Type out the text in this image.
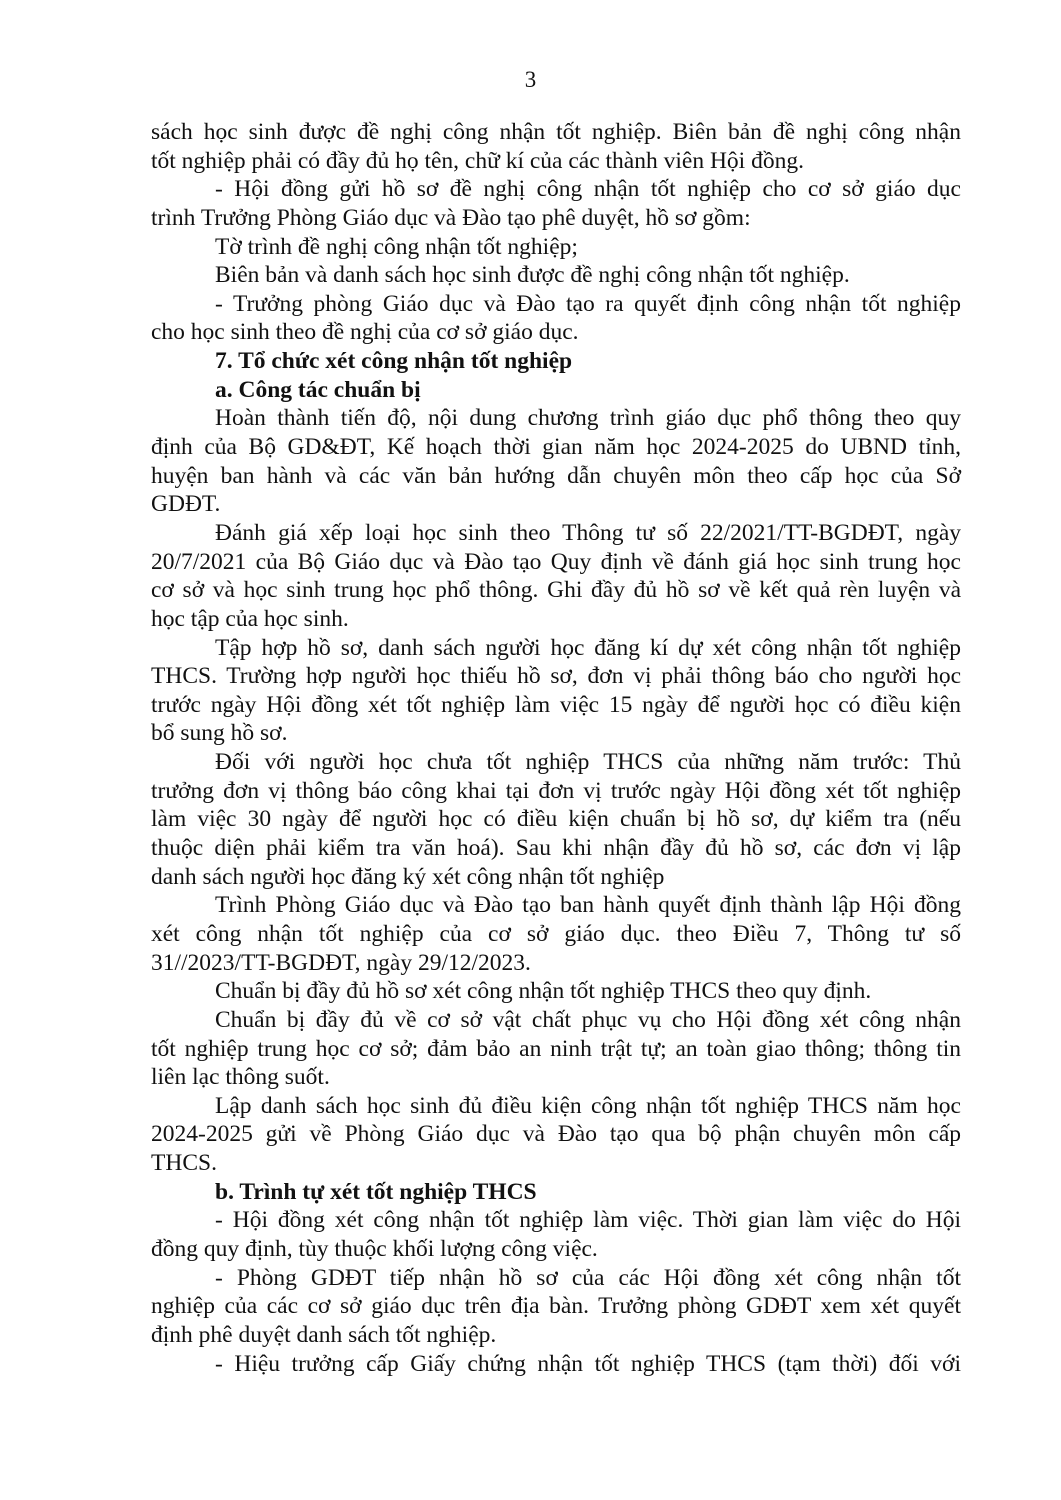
3
sách học sinh được đề nghị công nhận tốt nghiệp. Biên bản đề nghị công nhận
tốt nghiệp phải có đầy đủ họ tên, chữ kí của các thành viên Hội đồng.
- Hội đồng gửi hồ sơ đề nghị công nhận tốt nghiệp cho cơ sở giáo dục
trình Trưởng Phòng Giáo dục và Đào tạo phê duyệt, hồ sơ gồm:
Tờ trình đề nghị công nhận tốt nghiệp;
Biên bản và danh sách học sinh được đề nghị công nhận tốt nghiệp.
- Trưởng phòng Giáo dục và Đào tạo ra quyết định công nhận tốt nghiệp
cho học sinh theo đề nghị của cơ sở giáo dục.
7. Tổ chức xét công nhận tốt nghiệp
a. Công tác chuẩn bị
Hoàn thành tiến độ, nội dung chương trình giáo dục phổ thông theo quy
định của Bộ GD&ĐT, Kế hoạch thời gian năm học 2024-2025 do UBND tỉnh,
huyện ban hành và các văn bản hướng dẫn chuyên môn theo cấp học của Sở
GDĐT.
Đánh giá xếp loại học sinh theo Thông tư số 22/2021/TT-BGDĐT, ngày
20/7/2021 của Bộ Giáo dục và Đào tạo Quy định về đánh giá học sinh trung học
cơ sở và học sinh trung học phổ thông. Ghi đầy đủ hồ sơ về kết quả rèn luyện và
học tập của học sinh.
Tập hợp hồ sơ, danh sách người học đăng kí dự xét công nhận tốt nghiệp
THCS. Trường hợp người học thiếu hồ sơ, đơn vị phải thông báo cho người học
trước ngày Hội đồng xét tốt nghiệp làm việc 15 ngày để người học có điều kiện
bổ sung hồ sơ.
Đối với người học chưa tốt nghiệp THCS của những năm trước: Thủ
trưởng đơn vị thông báo công khai tại đơn vị trước ngày Hội đồng xét tốt nghiệp
làm việc 30 ngày để người học có điều kiện chuẩn bị hồ sơ, dự kiểm tra (nếu
thuộc diện phải kiểm tra văn hoá). Sau khi nhận đầy đủ hồ sơ, các đơn vị lập
danh sách người học đăng ký xét công nhận tốt nghiệp
Trình Phòng Giáo dục và Đào tạo ban hành quyết định thành lập Hội đồng
xét công nhận tốt nghiệp của cơ sở giáo dục. theo Điều 7, Thông tư số
31//2023/TT-BGDĐT, ngày 29/12/2023.
Chuẩn bị đầy đủ hồ sơ xét công nhận tốt nghiệp THCS theo quy định.
Chuẩn bị đầy đủ về cơ sở vật chất phục vụ cho Hội đồng xét công nhận
tốt nghiệp trung học cơ sở; đảm bảo an ninh trật tự; an toàn giao thông; thông tin
liên lạc thông suốt.
Lập danh sách học sinh đủ điều kiện công nhận tốt nghiệp THCS năm học
2024-2025 gửi về Phòng Giáo dục và Đào tạo qua bộ phận chuyên môn cấp
THCS.
b. Trình tự xét tốt nghiệp THCS
- Hội đồng xét công nhận tốt nghiệp làm việc. Thời gian làm việc do Hội
đồng quy định, tùy thuộc khối lượng công việc.
- Phòng GDĐT tiếp nhận hồ sơ của các Hội đồng xét công nhận tốt
nghiệp của các cơ sở giáo dục trên địa bàn. Trưởng phòng GDĐT xem xét quyết
định phê duyệt danh sách tốt nghiệp.
- Hiệu trưởng cấp Giấy chứng nhận tốt nghiệp THCS (tạm thời) đối với
